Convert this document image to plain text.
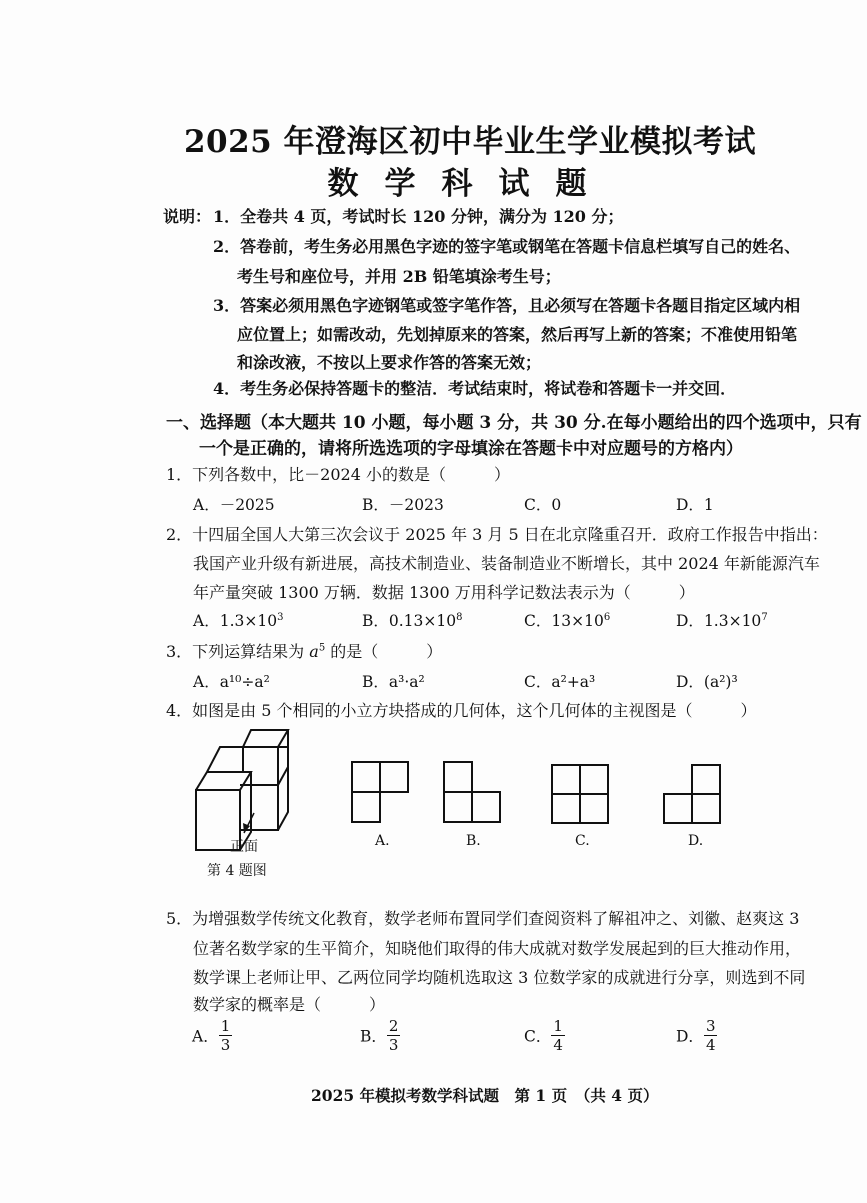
2025 年澄海区初中毕业生学业模拟考试
数学科试题
说明： 1．全卷共 4 页，考试时长 120 分钟，满分为 120 分；
2．答卷前，考生务必用黑色字迹的签字笔或钢笔在答题卡信息栏填写自己的姓名、
考生号和座位号，并用 2B 铅笔填涂考生号；
3．答案必须用黑色字迹钢笔或签字笔作答，且必须写在答题卡各题目指定区域内相
应位置上；如需改动，先划掉原来的答案，然后再写上新的答案；不准使用铅笔
和涂改液，不按以上要求作答的答案无效；
4．考生务必保持答题卡的整洁．考试结束时，将试卷和答题卡一并交回．
一、选择题（本大题共 10 小题，每小题 3 分，共 30 分.在每小题给出的四个选项中，只有
一个是正确的，请将所选选项的字母填涂在答题卡中对应题号的方格内）
1．下列各数中，比－2024 小的数是（　　　）
A．－2025	B．－2023	C．0	D．1
2．十四届全国人大第三次会议于 2025 年 3 月 5 日在北京隆重召开．政府工作报告中指出：
我国产业升级有新进展，高技术制造业、装备制造业不断增长，其中 2024 年新能源汽车
年产量突破 1300 万辆．数据 1300 万用科学记数法表示为（　　　）
A．$1.3\times 10^3$	B．$0.13\times 10^8$	C．$13\times 10^6$	D．$1.3\times 10^7$
3．下列运算结果为 $a^5$ 的是（　　　）
A．a¹⁰÷a²	B．a³·a²	C．a²+a³	D．(a²)³
4．如图是由 5 个相同的小立方块搭成的几何体，这个几何体的主视图是（　　　）
正面
第 4 题图
A.	B.	C.	D.
5．为增强数学传统文化教育，数学老师布置同学们查阅资料了解祖冲之、刘徽、赵爽这 3
位著名数学家的生平简介，知晓他们取得的伟大成就对数学发展起到的巨大推动作用，
数学课上老师让甲、乙两位同学均随机选取这 3 位数学家的成就进行分享，则选到不同
数学家的概率是（　　　）
A． $\frac{1}{3}$	B． $\frac{2}{3}$	C． $\frac{1}{4}$	D． $\frac{3}{4}$
2025 年模拟考数学科试题　第 1 页　（共 4 页）
